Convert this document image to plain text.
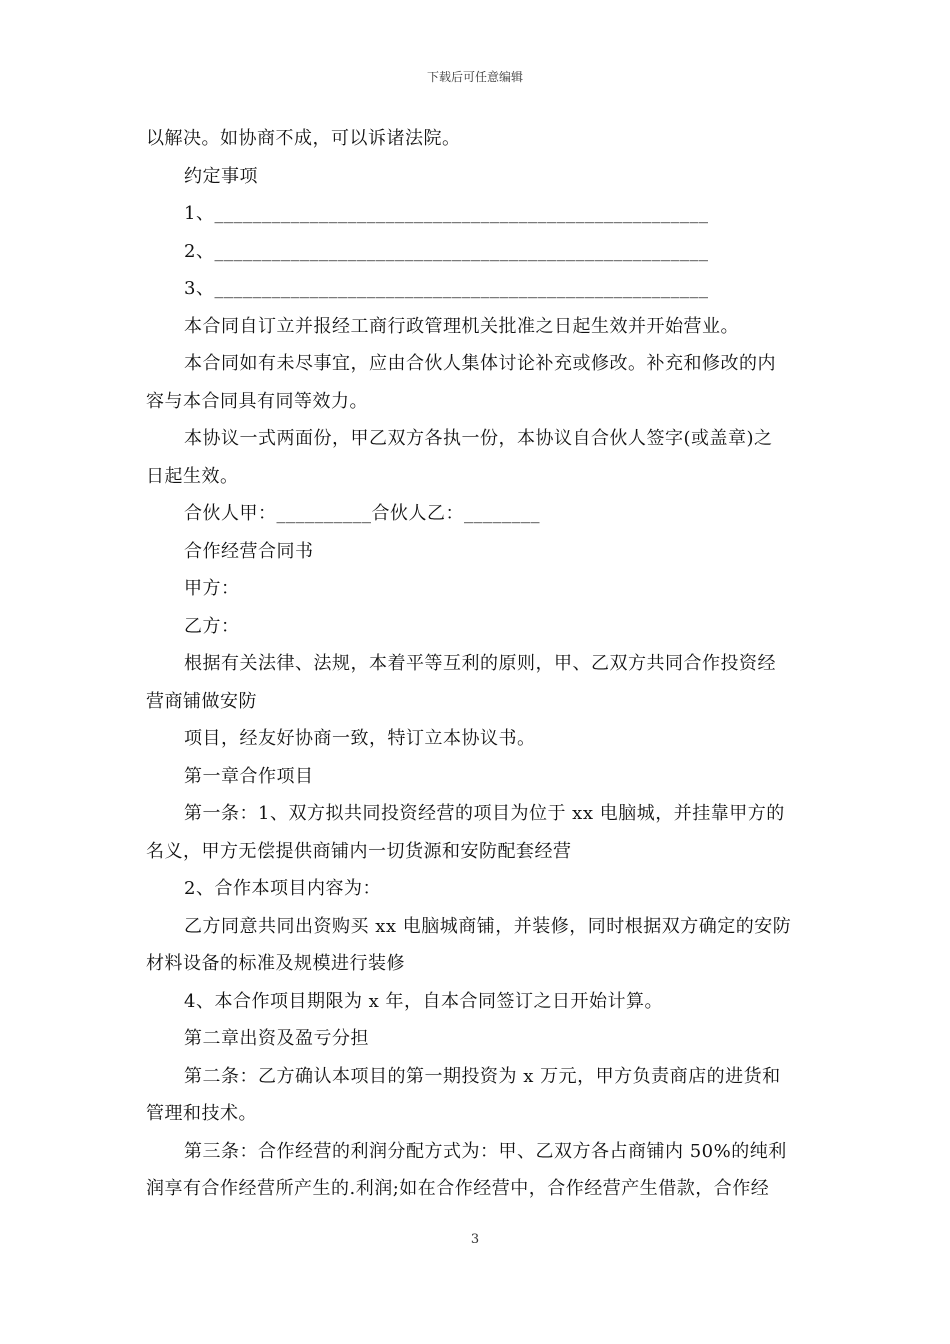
下载后可任意编辑

以解决。如协商不成，可以诉诸法院。

约定事项

1、____________________________________________________

2、____________________________________________________

3、____________________________________________________

本合同自订立并报经工商行政管理机关批准之日起生效并开始营业。

本合同如有未尽事宜，应由合伙人集体讨论补充或修改。补充和修改的内

容与本合同具有同等效力。

本协议一式两面份，甲乙双方各执一份，本协议自合伙人签字(或盖章)之

日起生效。

合伙人甲：__________合伙人乙：________

合作经营合同书

甲方：

乙方：

根据有关法律、法规，本着平等互利的原则，甲、乙双方共同合作投资经

营商铺做安防

项目，经友好协商一致，特订立本协议书。

第一章合作项目

第一条：1、双方拟共同投资经营的项目为位于 xx 电脑城，并挂靠甲方的

名义，甲方无偿提供商铺内一切货源和安防配套经营

2、合作本项目内容为：

乙方同意共同出资购买 xx 电脑城商铺，并装修，同时根据双方确定的安防

材料设备的标准及规模进行装修

4、本合作项目期限为 x 年，自本合同签订之日开始计算。

第二章出资及盈亏分担

第二条：乙方确认本项目的第一期投资为 x 万元，甲方负责商店的进货和

管理和技术。

第三条：合作经营的利润分配方式为：甲、乙双方各占商铺内 50%的纯利

润享有合作经营所产生的.利润;如在合作经营中，合作经营产生借款，合作经

3
